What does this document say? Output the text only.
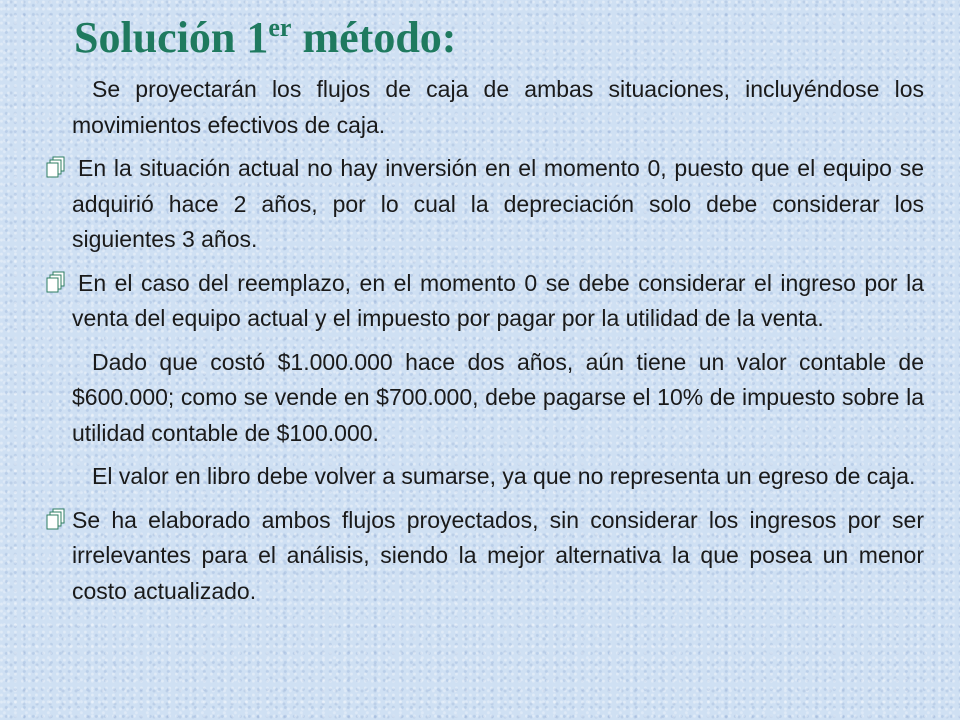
Solución 1er método:

Se proyectarán los flujos de caja de ambas situaciones, incluyéndose los movimientos efectivos de caja.

En la situación actual no hay inversión en el momento 0, puesto que el equipo se adquirió hace 2 años, por lo cual la depreciación solo debe considerar los siguientes 3 años.

En el caso del reemplazo, en el momento 0 se debe considerar el ingreso por la venta del equipo actual y el impuesto por pagar por la utilidad de la venta.

Dado que costó $1.000.000 hace dos años, aún tiene un valor contable de $600.000; como se vende en $700.000, debe pagarse el 10% de impuesto sobre la utilidad contable de $100.000.

El valor en libro debe volver a sumarse, ya que no representa un egreso de caja.

Se ha elaborado ambos flujos proyectados, sin considerar los ingresos por ser irrelevantes para el análisis, siendo la mejor alternativa la que posea un menor costo actualizado.
